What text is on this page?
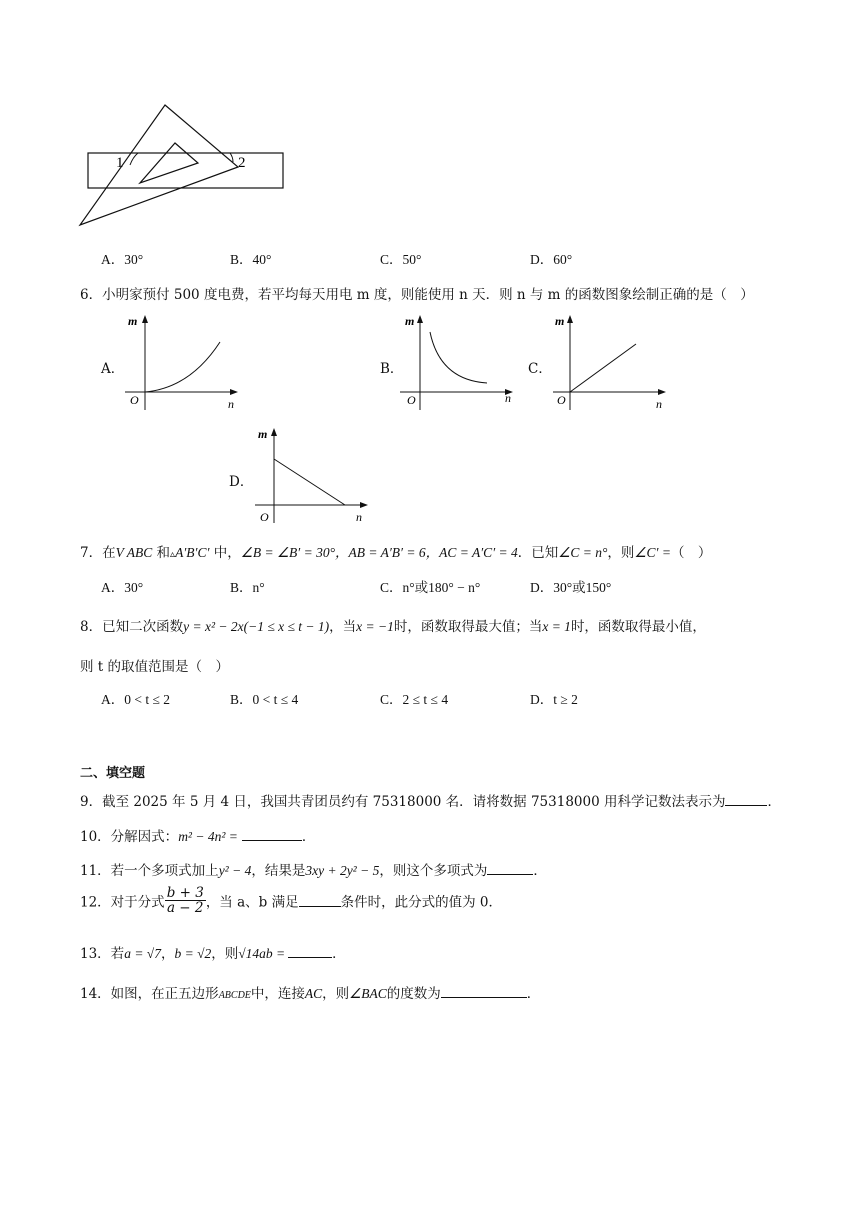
1	2
A．30°	B．40°	C．50°	D．60°
6．小明家预付 500 度电费，若平均每天用电 m 度，则能使用 n 天．则 n 与 m 的函数图象绘制正确的是（　）
A．
m
n
O
B．
m
n
O
C．
m
n
O
D．
m
n
O
7．在V ABC 和▵A′B′C′ 中，∠B = ∠B′ = 30°，AB = A′B′ = 6，AC = A′C′ = 4．已知∠C = n°，则∠C′ =（　）
A．30°	B．n°	C．n°或180° − n°	D．30°或150°
8．已知二次函数y = x² − 2x(−1 ≤ x ≤ t − 1)，当x = −1时，函数取得最大值；当x = 1时，函数取得最小值，
则 t 的取值范围是（　）
A．0 < t ≤ 2	B．0 < t ≤ 4	C．2 ≤ t ≤ 4	D．t ≥ 2
二、填空题
9．截至 2025 年 5 月 4 日，我国共青团员约有 75318000 名．请将数据 75318000 用科学记数法表示为	．
10．分解因式：m² − 4n² =	．
11．若一个多项式加上y² − 4，结果是3xy + 2y² − 5，则这个多项式为	．
12．对于分式 $\frac{b + 3}{a - 2}$ ，当 a、b 满足	条件时，此分式的值为 0．
13．若a = √7，b = √2，则√14ab =	．
14．如图，在正五边形ABCDE中，连接AC，则∠BAC的度数为	．
